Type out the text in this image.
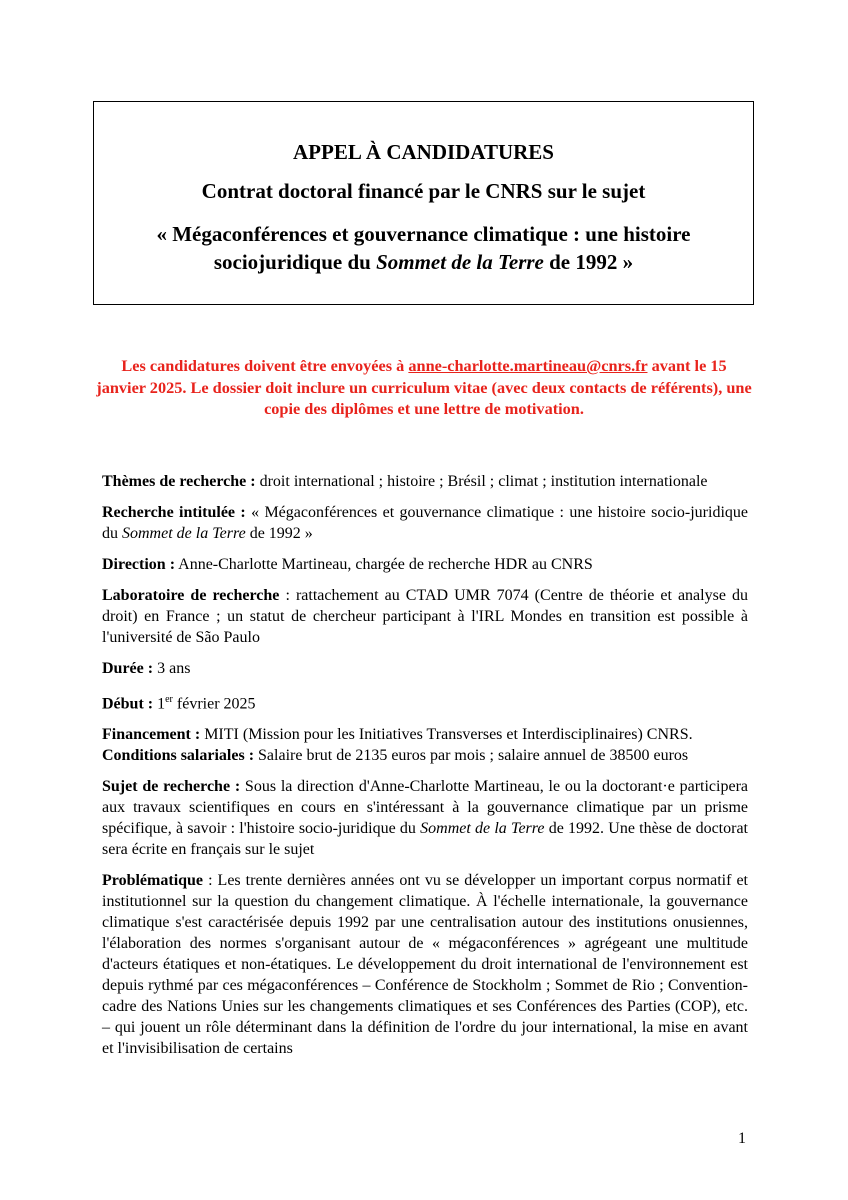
APPEL À CANDIDATURES
Contrat doctoral financé par le CNRS sur le sujet
« Mégaconférences et gouvernance climatique : une histoire
sociojuridique du Sommet de la Terre de 1992 »
Les candidatures doivent être envoyées à anne-charlotte.martineau@cnrs.fr avant le 15 janvier 2025. Le dossier doit inclure un curriculum vitae (avec deux contacts de référents), une copie des diplômes et une lettre de motivation.

Thèmes de recherche : droit international ; histoire ; Brésil ; climat ; institution internationale

Recherche intitulée : « Mégaconférences et gouvernance climatique : une histoire socio-juridique du Sommet de la Terre de 1992 »

Direction : Anne-Charlotte Martineau, chargée de recherche HDR au CNRS

Laboratoire de recherche : rattachement au CTAD UMR 7074 (Centre de théorie et analyse du droit) en France ; un statut de chercheur participant à l'IRL Mondes en transition est possible à l'université de São Paulo

Durée : 3 ans

Début : 1er février 2025

Financement : MITI (Mission pour les Initiatives Transverses et Interdisciplinaires) CNRS.

Conditions salariales : Salaire brut de 2135 euros par mois ; salaire annuel de 38500 euros

Sujet de recherche : Sous la direction d'Anne-Charlotte Martineau, le ou la doctorant·e participera aux travaux scientifiques en cours en s'intéressant à la gouvernance climatique par un prisme spécifique, à savoir : l'histoire socio-juridique du Sommet de la Terre de 1992. Une thèse de doctorat sera écrite en français sur le sujet

Problématique : Les trente dernières années ont vu se développer un important corpus normatif et institutionnel sur la question du changement climatique. À l'échelle internationale, la gouvernance climatique s'est caractérisée depuis 1992 par une centralisation autour des institutions onusiennes, l'élaboration des normes s'organisant autour de « mégaconférences » agrégeant une multitude d'acteurs étatiques et non-étatiques. Le développement du droit international de l'environnement est depuis rythmé par ces mégaconférences – Conférence de Stockholm ; Sommet de Rio ; Convention-cadre des Nations Unies sur les changements climatiques et ses Conférences des Parties (COP), etc. – qui jouent un rôle déterminant dans la définition de l'ordre du jour international, la mise en avant et l'invisibilisation de certains

1
